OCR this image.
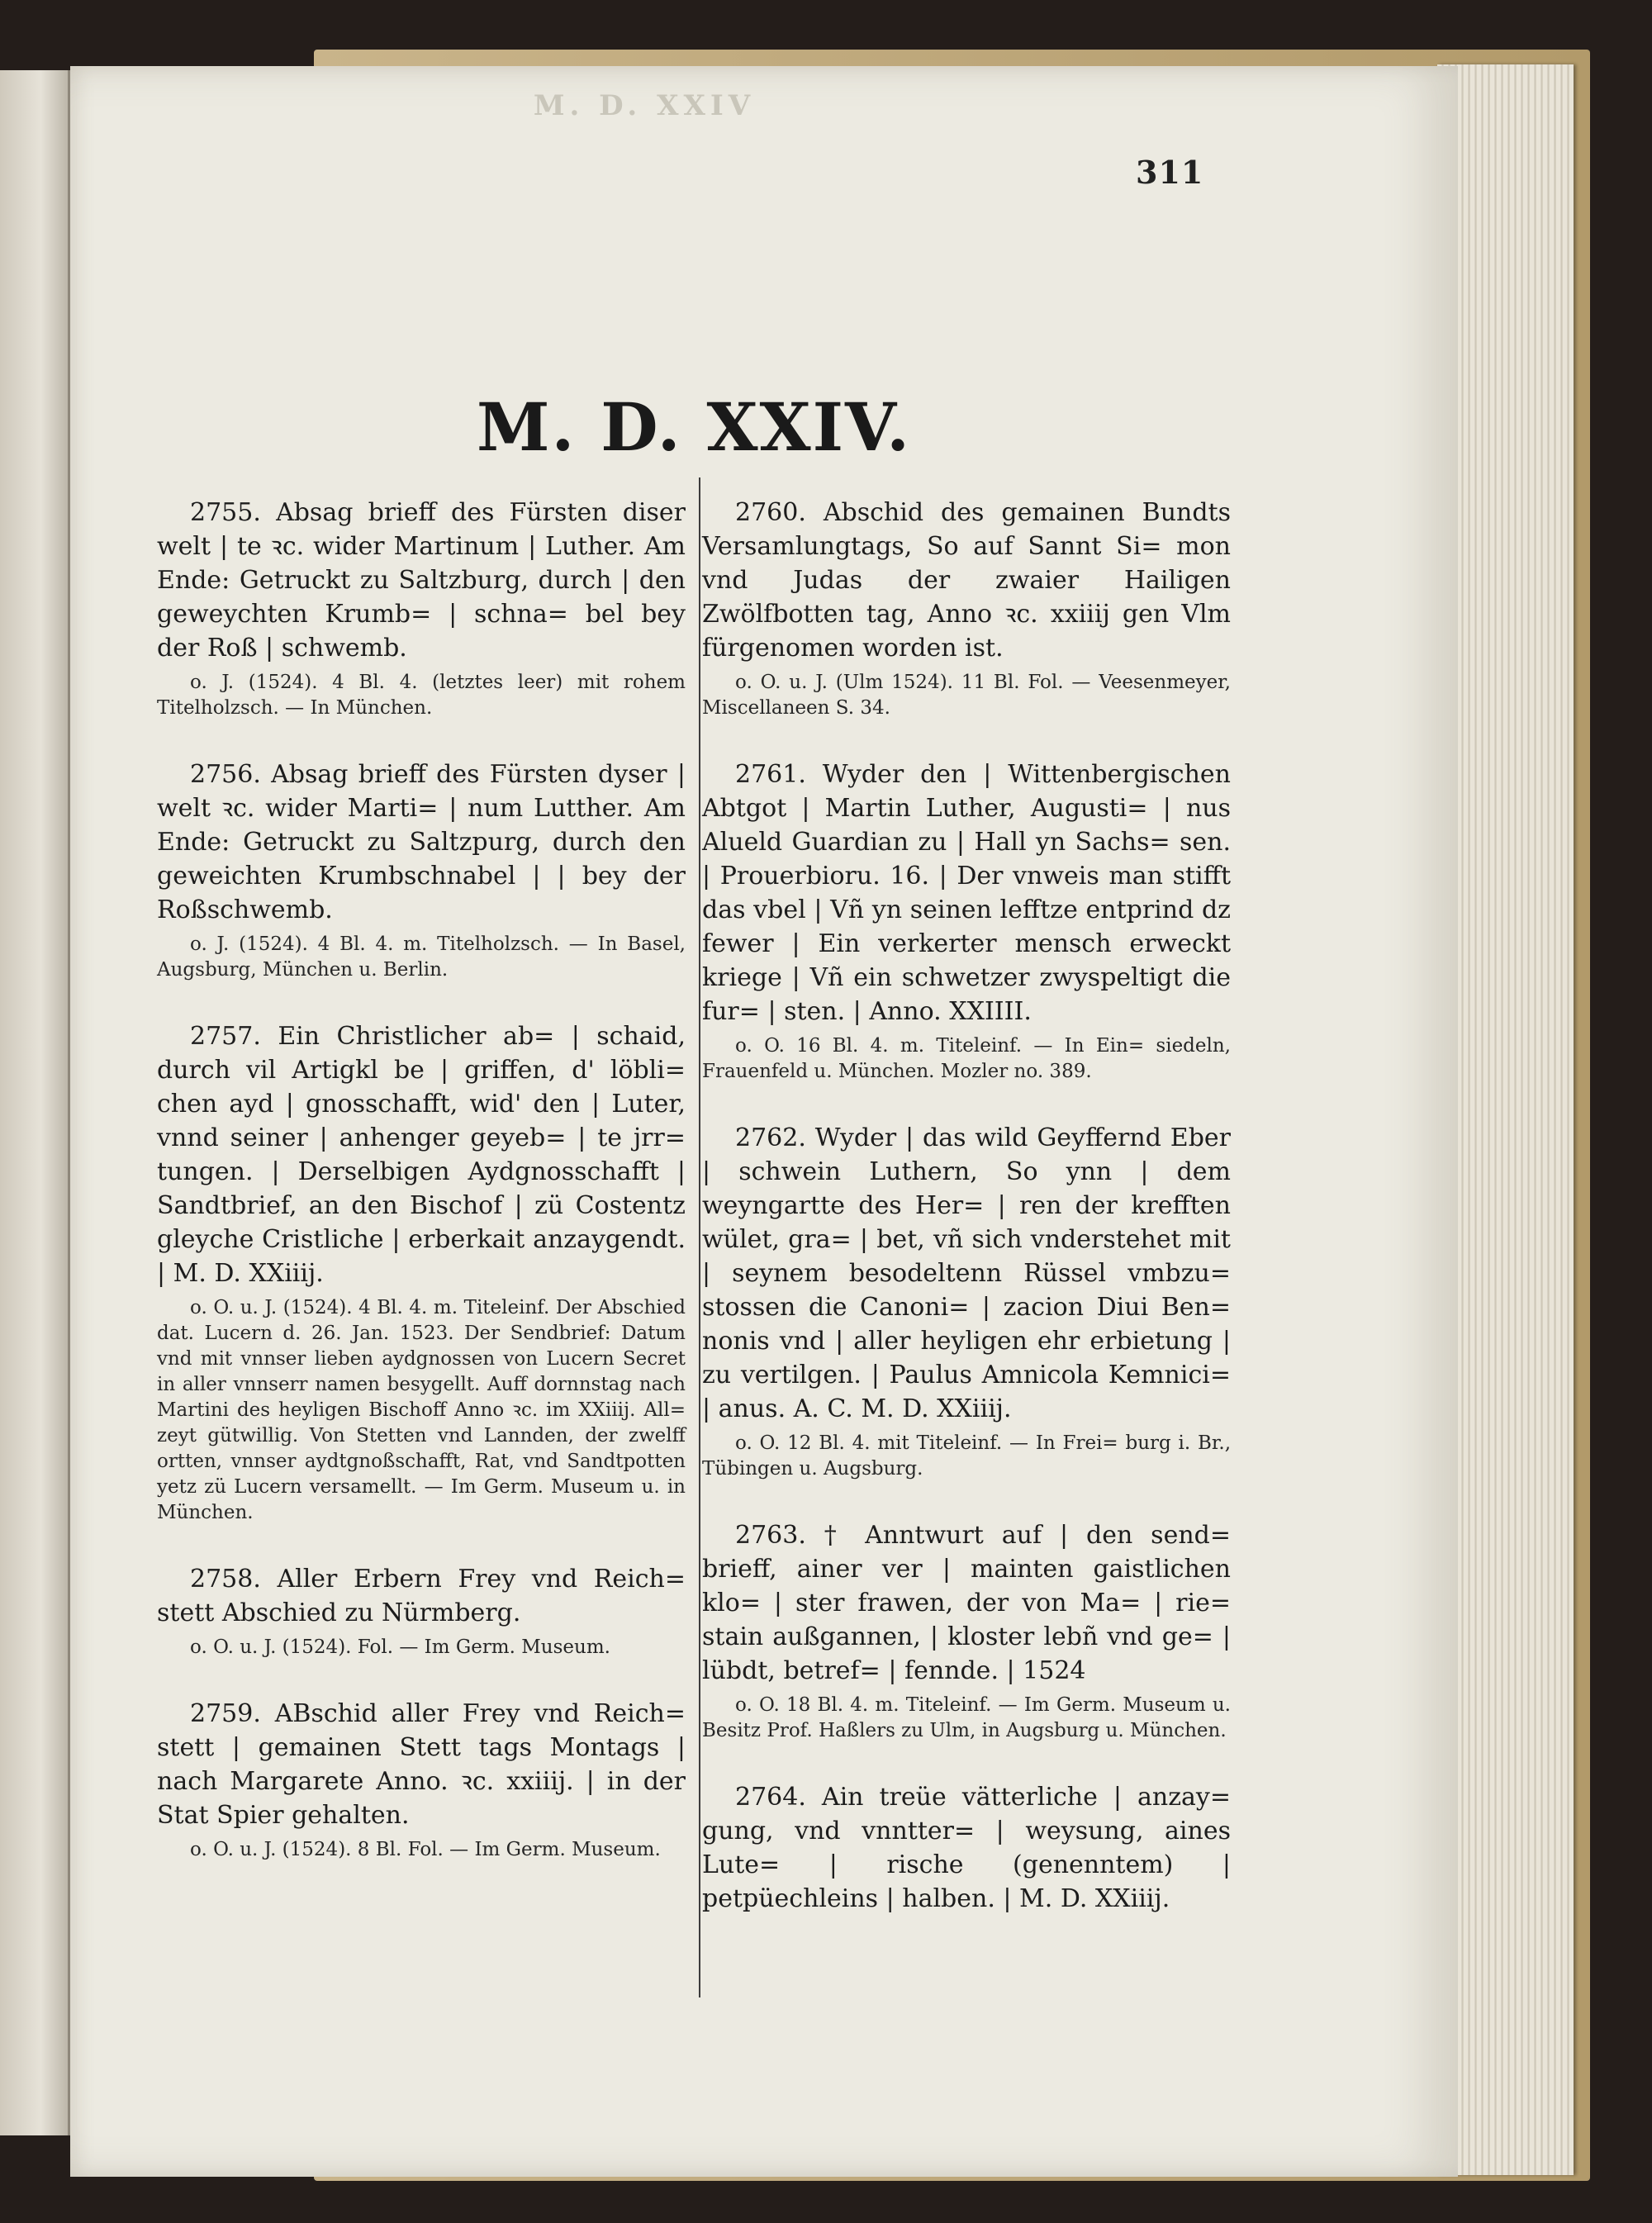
M. D. XXIV
311
M. D. XXIV.

2755. Absag brieff des Fürsten diser welt | te ꝛc. wider Martinum | Luther. Am Ende: Getruckt zu Saltzburg, durch | den geweychten Krumb= | schna= bel bey der Roß | schwemb.

o. J. (1524). 4 Bl. 4. (letztes leer) mit rohem Titelholzsch. — In München.

2756. Absag brieff des Fürsten dyser | welt ꝛc. wider Marti= | num Lutther. Am Ende: Getruckt zu Saltzpurg, durch den geweichten Krumbschnabel | | bey der Roßschwemb.

o. J. (1524). 4 Bl. 4. m. Titelholzsch. — In Basel, Augsburg, München u. Berlin.

2757. Ein Christlicher ab= | schaid, durch vil Artigkl be | griffen, d' löbli= chen ayd | gnosschafft, wid' den | Luter, vnnd seiner | anhenger geyeb= | te jrr= tungen. | Derselbigen Aydgnosschafft | Sandtbrief, an den Bischof | zü Costentz gleyche Cristliche | erberkait anzaygendt. | M. D. XXiiij.

o. O. u. J. (1524). 4 Bl. 4. m. Titeleinf. Der Abschied dat. Lucern d. 26. Jan. 1523. Der Sendbrief: Datum vnd mit vnnser lieben aydgnossen von Lucern Secret in aller vnnserr namen besygellt. Auff dornnstag nach Martini des heyligen Bischoff Anno ꝛc. im XXiiij. All= zeyt gütwillig. Von Stetten vnd Lannden, der zwelff ortten, vnnser aydtgnoßschafft, Rat, vnd Sandtpotten yetz zü Lucern versamellt. — Im Germ. Museum u. in München.

2758. Aller Erbern Frey vnd Reich= stett Abschied zu Nürmberg.

o. O. u. J. (1524). Fol. — Im Germ. Museum.

2759. ABschid aller Frey vnd Reich= stett | gemainen Stett tags Montags | nach Margarete Anno. ꝛc. xxiiij. | in der Stat Spier gehalten.

o. O. u. J. (1524). 8 Bl. Fol. — Im Germ. Museum.

2760. Abschid des gemainen Bundts Versamlungtags, So auf Sannt Si= mon vnd Judas der zwaier Hailigen Zwölfbotten tag, Anno ꝛc. xxiiij gen Vlm fürgenomen worden ist.

o. O. u. J. (Ulm 1524). 11 Bl. Fol. — Veesenmeyer, Miscellaneen S. 34.

2761. Wyder den | Wittenbergischen Abtgot | Martin Luther, Augusti= | nus Alueld Guardian zu | Hall yn Sachs= sen. | Prouerbioru. 16. | Der vnweis man stifft das vbel | Vñ yn seinen lefftze entprind dz fewer | Ein verkerter mensch erweckt kriege | Vñ ein schwetzer zwyspeltigt die fur= | sten. | Anno. XXIIII.

o. O. 16 Bl. 4. m. Titeleinf. — In Ein= siedeln, Frauenfeld u. München. Mozler no. 389.

2762. Wyder | das wild Geyffernd Eber | schwein Luthern, So ynn | dem weyngartte des Her= | ren der krefften wület, gra= | bet, vñ sich vnderstehet mit | seynem besodeltenn Rüssel vmbzu= stossen die Canoni= | zacion Diui Ben= nonis vnd | aller heyligen ehr erbietung | zu vertilgen. | Paulus Amnicola Kemnici= | anus. A. C. M. D. XXiiij.

o. O. 12 Bl. 4. mit Titeleinf. — In Frei= burg i. Br., Tübingen u. Augsburg.

2763. † Anntwurt auf | den send= brieff, ainer ver | mainten gaistlichen klo= | ster frawen, der von Ma= | rie= stain außgannen, | kloster lebñ vnd ge= | lübdt, betref= | fennde. | 1524

o. O. 18 Bl. 4. m. Titeleinf. — Im Germ. Museum u. Besitz Prof. Haßlers zu Ulm, in Augsburg u. München.

2764. Ain treüe vätterliche | anzay= gung, vnd vnntter= | weysung, aines Lute= | rische (genenntem) | petpüechleins | halben. | M. D. XXiiij.
